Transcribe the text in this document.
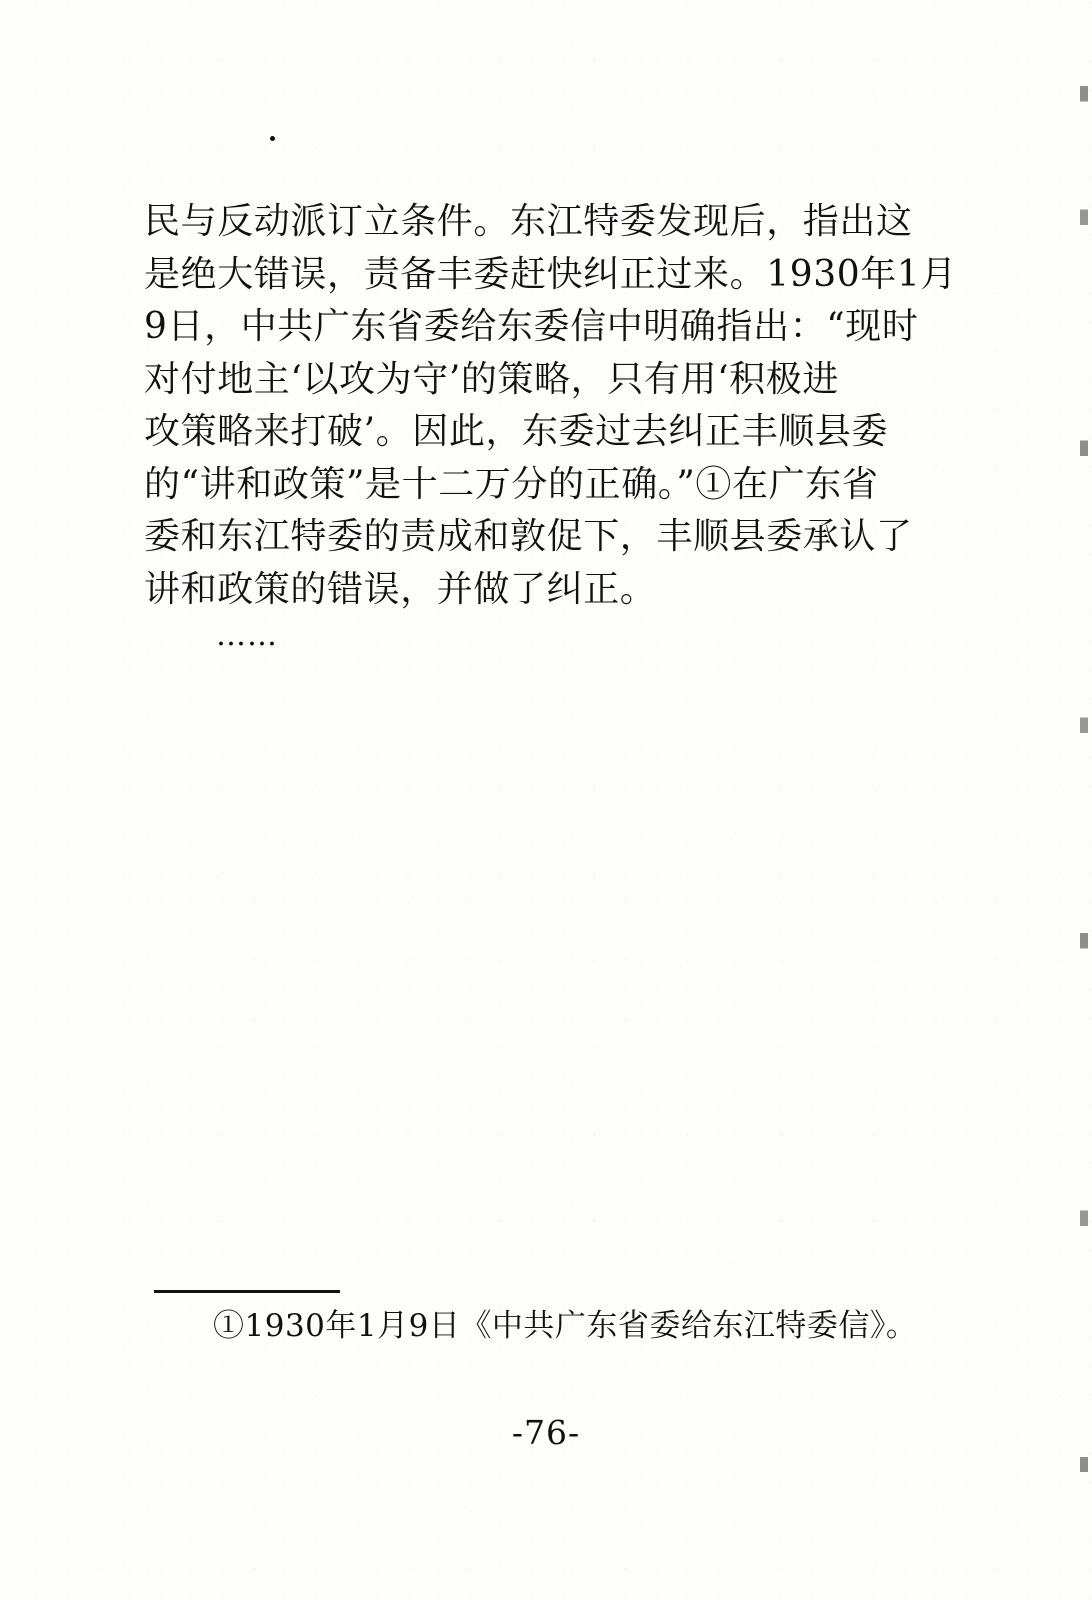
民与反动派订立条件。东江特委发现后，指出这
是绝大错误，责备丰委赶快纠正过来。1930年1月
9日，中共广东省委给东委信中明确指出：“现时
对付地主‘以攻为守’的策略，只有用‘积极进
攻策略来打破’。因此，东委过去纠正丰顺县委
的“讲和政策”是十二万分的正确。”①在广东省
委和东江特委的责成和敦促下，丰顺县委承认了
讲和政策的错误，并做了纠正。

……
①1930年1月9日《中共广东省委给东江特委信》。
-76-
